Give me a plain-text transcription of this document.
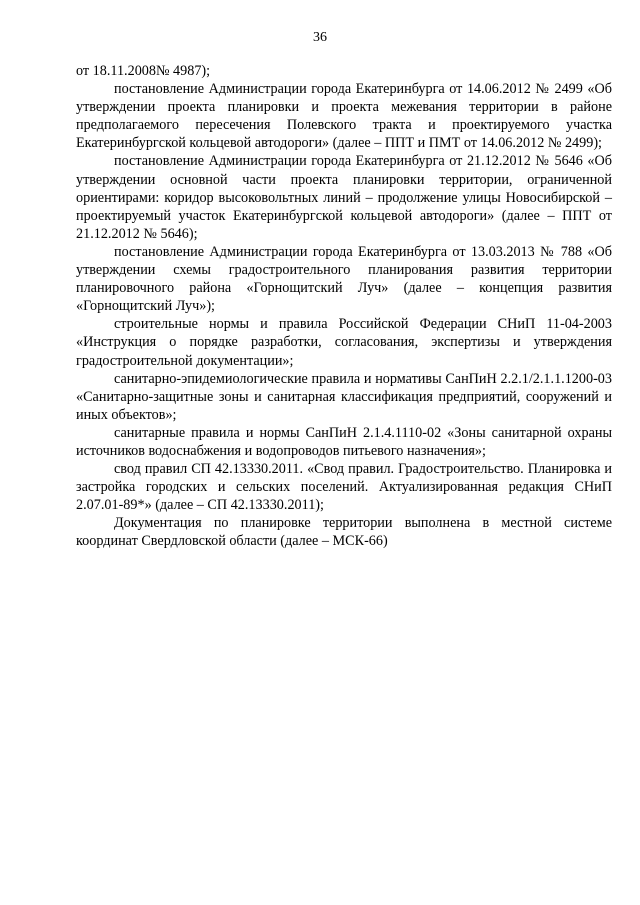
36

от 18.11.2008№ 4987);

постановление Администрации города Екатеринбурга от 14.06.2012 № 2499 «Об утверждении проекта планировки и проекта межевания территории в районе предполагаемого пересечения Полевского тракта и проектируемого участка Екатеринбургской кольцевой автодороги» (далее – ППТ и ПМТ от 14.06.2012 № 2499);

постановление Администрации города Екатеринбурга от 21.12.2012 № 5646 «Об утверждении основной части проекта планировки территории, ограниченной ориентирами: коридор высоковольтных линий – продолжение улицы Новосибирской – проектируемый участок Екатеринбургской кольцевой автодороги» (далее – ППТ от 21.12.2012 № 5646);

постановление Администрации города Екатеринбурга от 13.03.2013 № 788 «Об утверждении схемы градостроительного планирования развития территории планировочного района «Горнощитский Луч» (далее – концепция развития «Горнощитский Луч»);

строительные нормы и правила Российской Федерации СНиП 11-04-2003 «Инструкция о порядке разработки, согласования, экспертизы и утверждения градостроительной документации»;

санитарно-эпидемиологические правила и нормативы СанПиН 2.2.1/2.1.1.1200-03 «Санитарно-защитные зоны и санитарная классификация предприятий, сооружений и иных объектов»;

санитарные правила и нормы СанПиН 2.1.4.1110-02 «Зоны санитарной охраны источников водоснабжения и водопроводов питьевого назначения»;

свод правил СП 42.13330.2011. «Свод правил. Градостроительство. Планировка и застройка городских и сельских поселений. Актуализированная редакция СНиП 2.07.01-89*» (далее – СП 42.13330.2011);

Документация по планировке территории выполнена в местной системе координат Свердловской области (далее – МСК-66)
